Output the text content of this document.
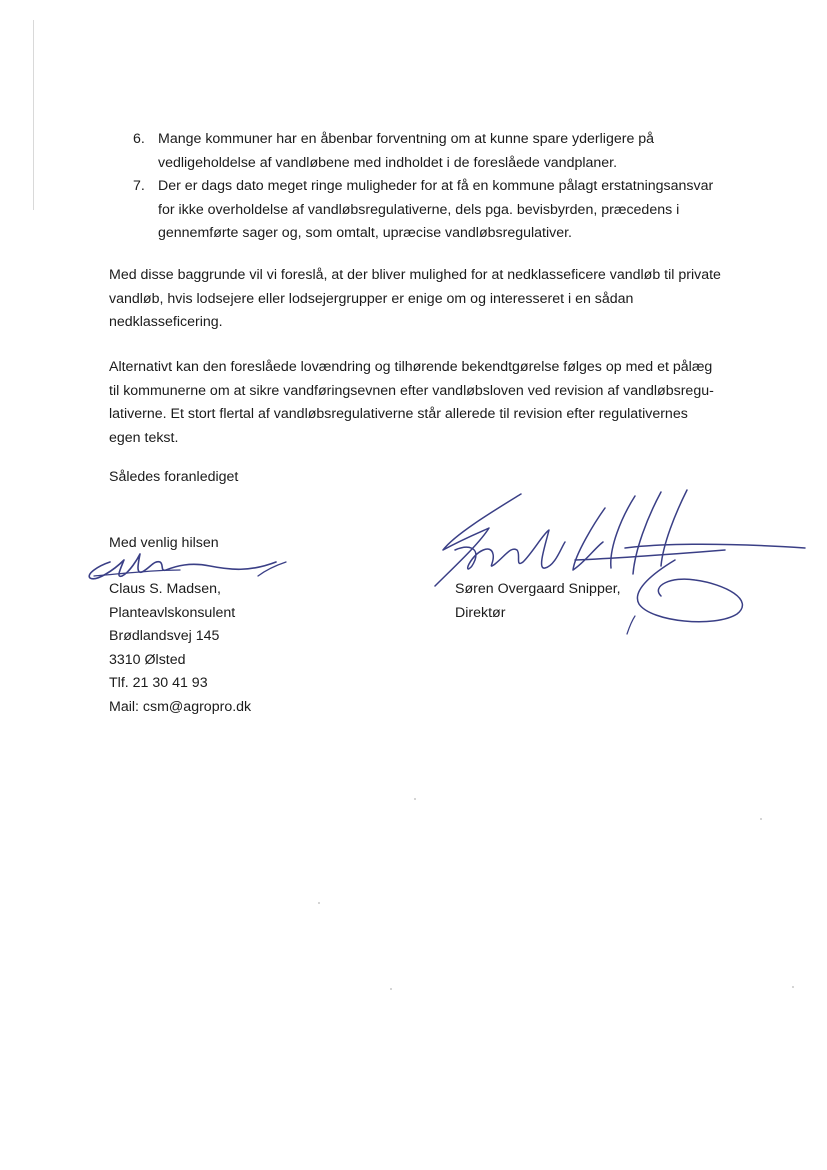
6. Mange kommuner har en åbenbar forventning om at kunne spare yderligere på
vedligeholdelse af vandløbene med indholdet i de foreslåede vandplaner.
7. Der er dags dato meget ringe muligheder for at få en kommune pålagt erstatningsansvar
for ikke overholdelse af vandløbsregulativerne, dels pga. bevisbyrden, præcedens i
gennemførte sager og, som omtalt, upræcise vandløbsregulativer.
Med disse baggrunde vil vi foreslå, at der bliver mulighed for at nedklasseficere vandløb til private
vandløb, hvis lodsejere eller lodsejergrupper er enige om og interesseret i en sådan
nedklasseficering.
Alternativt kan den foreslåede lovændring og tilhørende bekendtgørelse følges op med et pålæg
til kommunerne om at sikre vandføringsevnen efter vandløbsloven ved revision af vandløbsregu-
lativerne. Et stort flertal af vandløbsregulativerne står allerede til revision efter regulativernes
egen tekst.
Således foranlediget
Med venlig hilsen
Claus S. Madsen,
Planteavlskonsulent
Brødlandsvej 145
3310 Ølsted
Tlf. 21 30 41 93
Mail: csm@agropro.dk
Søren Overgaard Snipper,
Direktør
